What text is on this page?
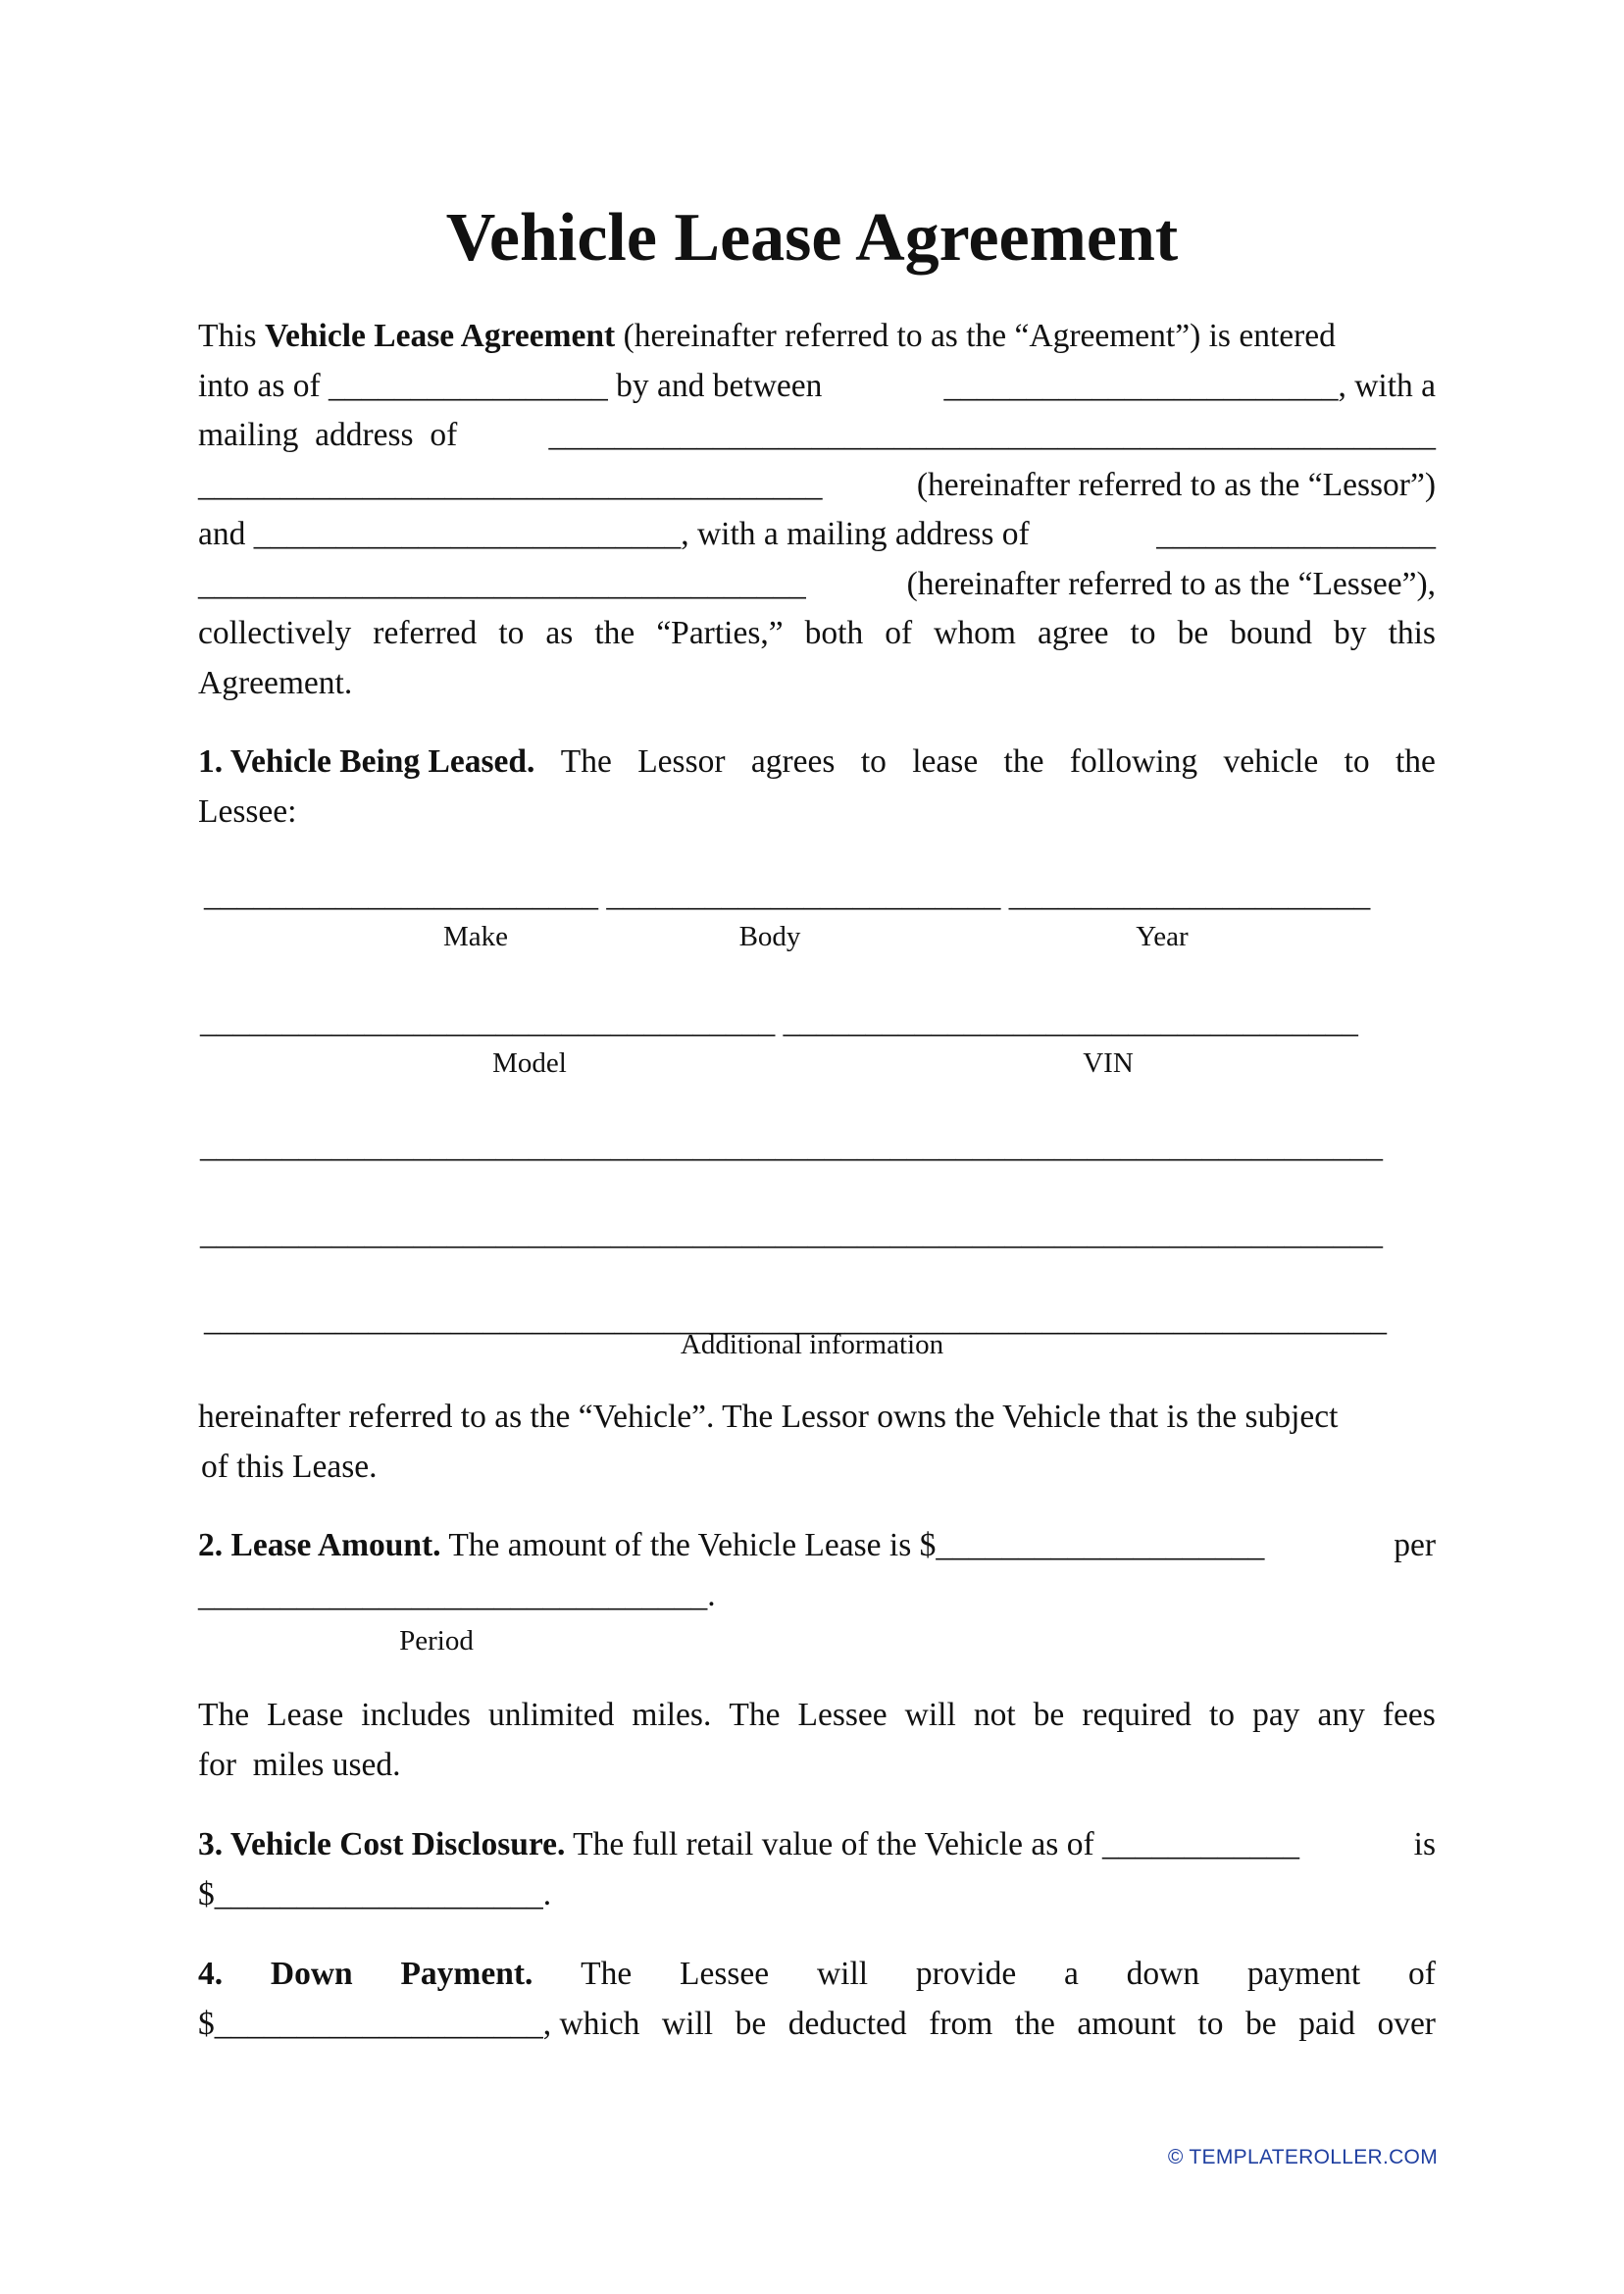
Vehicle Lease Agreement
This Vehicle Lease Agreement (hereinafter referred to as the “Agreement”) is entered
into as of _________________ by and between	________________________, with a
mailing  address  of	______________________________________________________
______________________________________	(hereinafter referred to as the “Lessor”)
and __________________________, with a mailing address of	_________________
_____________________________________	(hereinafter referred to as the “Lessee”),
collectively referred to as the “Parties,” both of whom agree to be bound by this
Agreement.
1. Vehicle Being Leased. The Lessor agrees to lease the following vehicle to the
Lessee:
________________________ ________________________ ______________________
Make	Body	Year
___________________________________ ___________________________________
Model	VIN
________________________________________________________________________
________________________________________________________________________
________________________________________________________________________
Additional information
hereinafter referred to as the “Vehicle”. The Lessor owns the Vehicle that is the subject
of this Lease.
2. Lease Amount. The amount of the Vehicle Lease is $____________________	per
_______________________________.
Period
The Lease includes unlimited miles. The Lessee will not be required to pay any fees
for  miles used.
3. Vehicle Cost Disclosure. The full retail value of the Vehicle as of ____________	is
$____________________.
4. Down Payment. The Lessee will provide a down payment of
$____________________, which will be deducted from the amount to be paid over
© TEMPLATEROLLER.COM
